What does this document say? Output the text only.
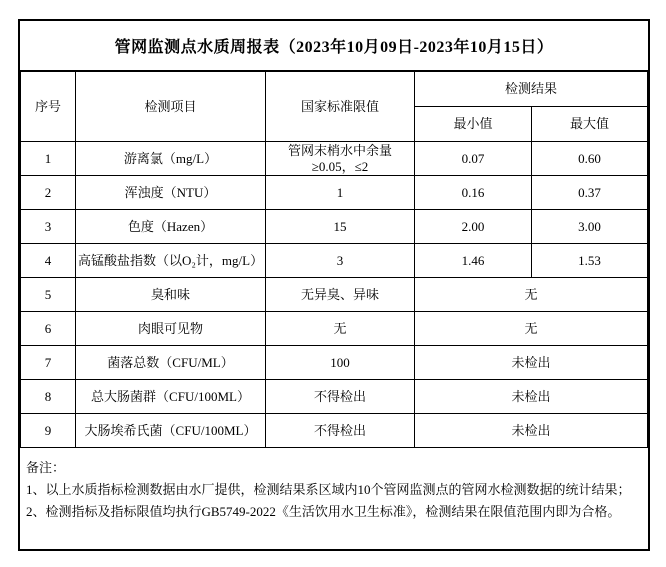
管网监测点水质周报表（2023年10月09日-2023年10月15日）
序号	检测项目	国家标准限值	检测结果	
			最小值	最大值
1	游离氯（mg/L）	管网末梢水中余量≥0.05，≤2	0.07	0.60
2	浑浊度（NTU）	1	0.16	0.37
3	色度（Hazen）	15	2.00	3.00
4	高锰酸盐指数（以O₂计，mg/L）	3	1.46	1.53
5	臭和味	无异臭、异味	无	
6	肉眼可见物	无	无	
7	菌落总数（CFU/ML）	100	未检出	
8	总大肠菌群（CFU/100ML）	不得检出	未检出	
9	大肠埃希氏菌（CFU/100ML）	不得检出	未检出	
备注：
1、以上水质指标检测数据由水厂提供，检测结果系区域内10个管网监测点的管网水检测数据的统计结果；
2、检测指标及指标限值均执行GB5749-2022《生活饮用水卫生标准》，检测结果在限值范围内即为合格。
